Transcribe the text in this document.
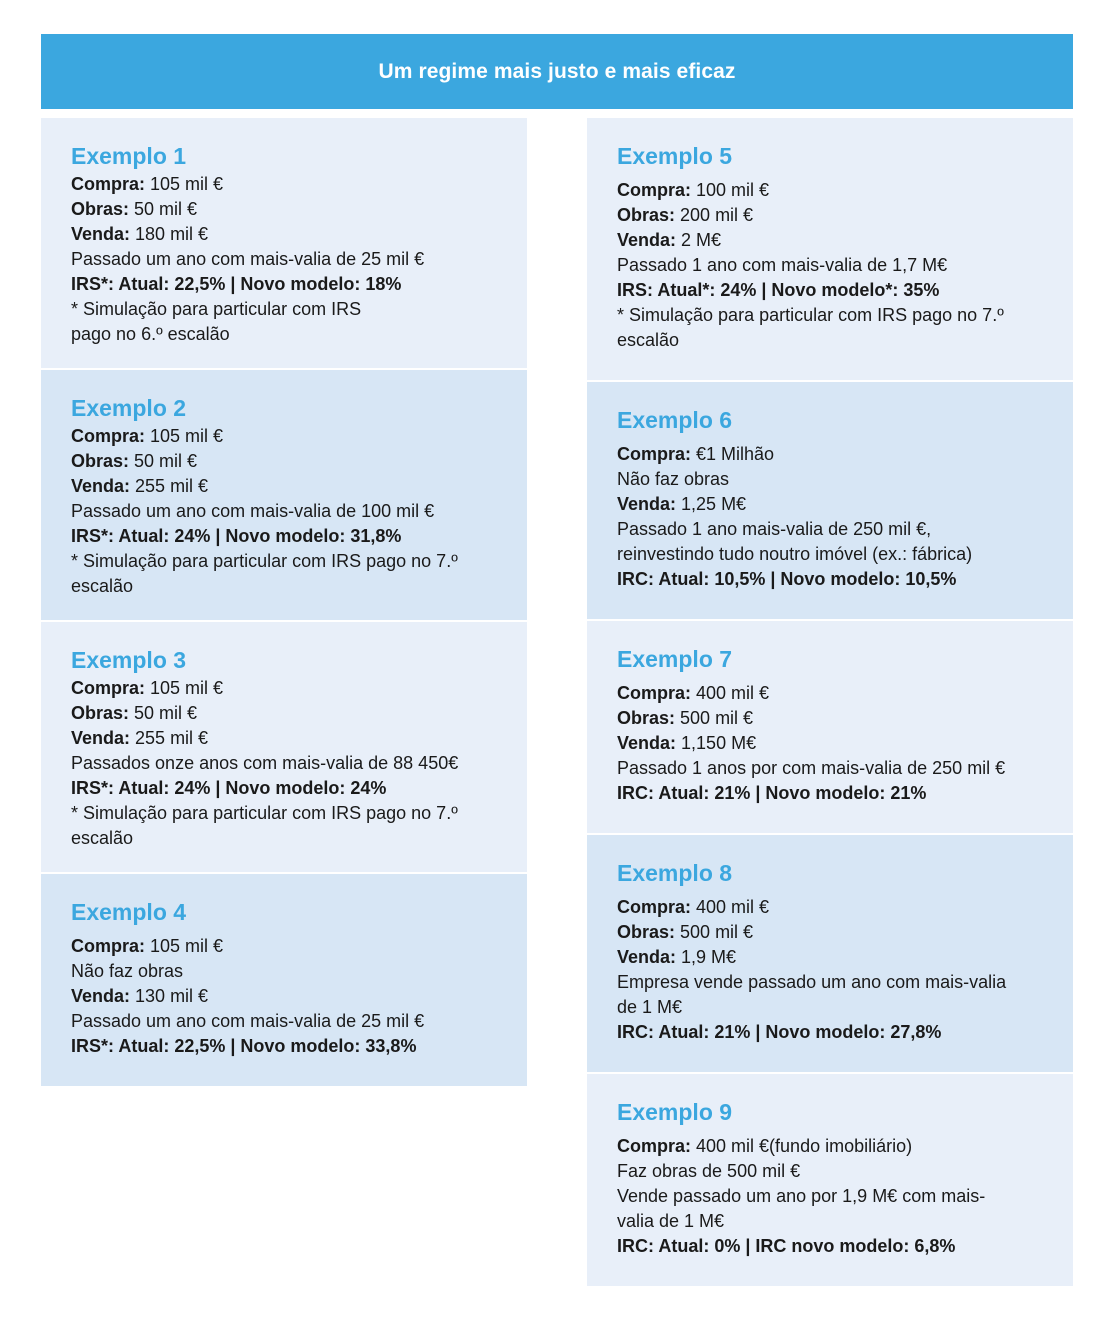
Um regime mais justo e mais eficaz
Exemplo 1
Compra: 105 mil €
Obras: 50 mil €
Venda: 180 mil €
Passado um ano com mais-valia de 25 mil €
IRS*: Atual: 22,5% | Novo modelo: 18%
* Simulação para particular com IRS
pago no 6.º escalão
Exemplo 2
Compra: 105 mil €
Obras: 50 mil €
Venda: 255 mil €
Passado um ano com mais-valia de 100 mil €
IRS*: Atual: 24% | Novo modelo: 31,8%
* Simulação para particular com IRS pago no 7.º
escalão
Exemplo 3
Compra: 105 mil €
Obras: 50 mil €
Venda: 255 mil €
Passados onze anos com mais-valia de 88 450€
IRS*: Atual: 24% | Novo modelo: 24%
* Simulação para particular com IRS pago no 7.º
escalão
Exemplo 4
Compra: 105 mil €
Não faz obras
Venda: 130 mil €
Passado um ano com mais-valia de 25 mil €
IRS*: Atual: 22,5% | Novo modelo: 33,8%
Exemplo 5
Compra: 100 mil €
Obras: 200 mil €
Venda: 2 M€
Passado 1 ano com mais-valia de 1,7 M€
IRS: Atual*: 24% | Novo modelo*: 35%
* Simulação para particular com IRS pago no 7.º
escalão
Exemplo 6
Compra: €1 Milhão
Não faz obras
Venda: 1,25 M€
Passado 1 ano mais-valia de 250 mil €,
reinvestindo tudo noutro imóvel (ex.: fábrica)
IRC: Atual: 10,5% | Novo modelo: 10,5%
Exemplo 7
Compra: 400 mil €
Obras: 500 mil €
Venda: 1,150 M€
Passado 1 anos por com mais-valia de 250 mil €
IRC: Atual: 21% | Novo modelo: 21%
Exemplo 8
Compra: 400 mil €
Obras: 500 mil €
Venda: 1,9 M€
Empresa vende passado um ano com mais-valia
de 1 M€
IRC: Atual: 21% | Novo modelo: 27,8%
Exemplo 9
Compra: 400 mil €(fundo imobiliário)
Faz obras de 500 mil €
Vende passado um ano por 1,9 M€ com mais-
valia de 1 M€
IRC: Atual: 0% | IRC novo modelo: 6,8%
